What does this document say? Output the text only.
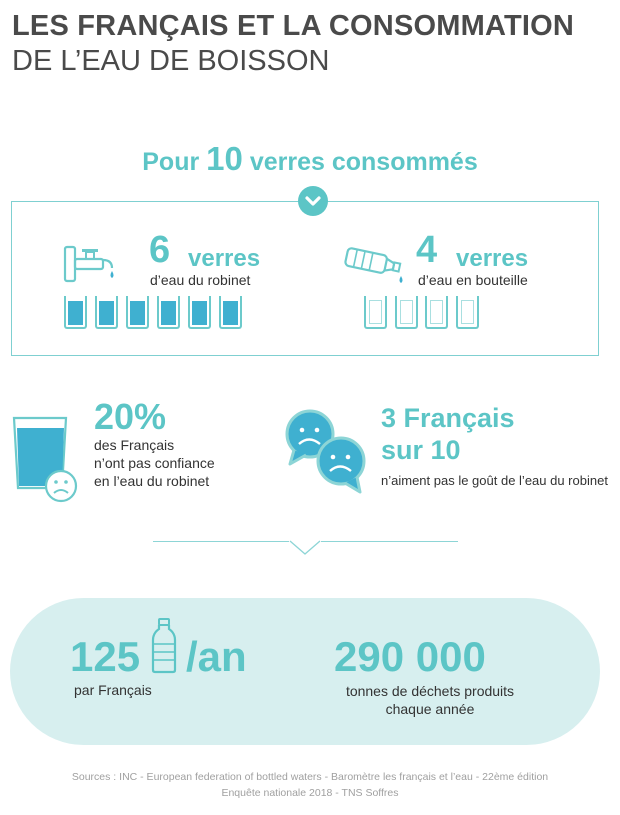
LES FRANÇAIS ET LA CONSOMMATION
DE L’EAU DE BOISSON
Pour 10 verres consommés
6 verres
d’eau du robinet
4 verres
d’eau en bouteille
20%
des Français
n’ont pas confiance
en l’eau du robinet
3 Français
sur 10
n’aiment pas le goût de l’eau du robinet
125 /an
par Français
290 000
tonnes de déchets produits
chaque année
Sources : INC - European federation of bottled waters - Baromètre les français et l’eau - 22ème édition
Enquête nationale 2018 - TNS Soffres
